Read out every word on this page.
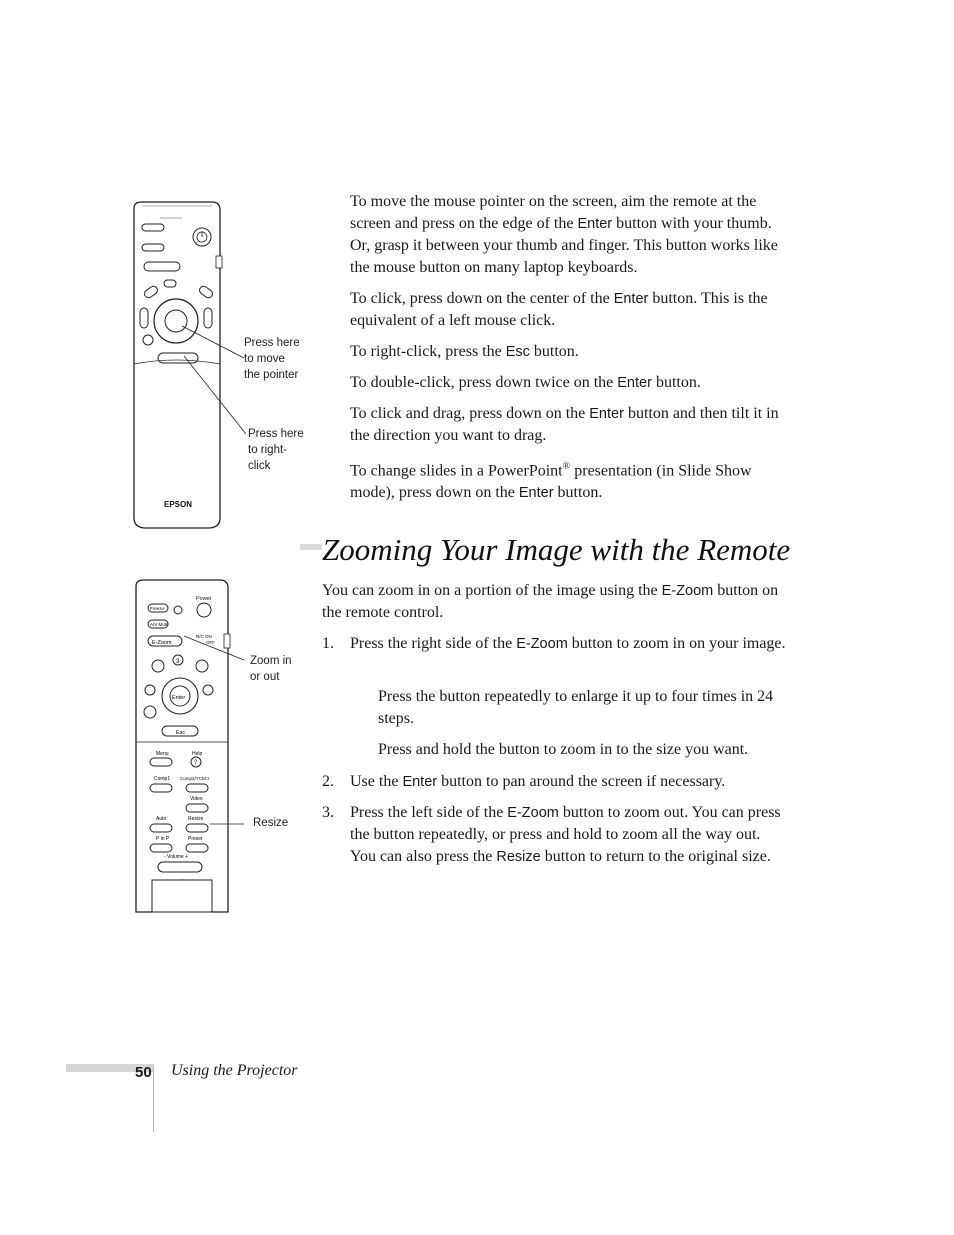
EPSON
Power
Freeze
A/V Mute
E-Zoom
R/C ON
OFF
3
Enter
Esc
Menu	Help
?
Comp1 Comp2/YCbCr
Video
Auto	Resize
P in P	Preset
- Volume +
Press here
to move
the pointer
Press here
to right-
click
Zoom in
or out
Resize

To move the mouse pointer on the screen, aim the remote at the screen and press on the edge of the Enter button with your thumb. Or, grasp it between your thumb and finger. This button works like the mouse button on many laptop keyboards.

To click, press down on the center of the Enter button. This is the equivalent of a left mouse click.

To right-click, press the Esc button.

To double-click, press down twice on the Enter button.

To click and drag, press down on the Enter button and then tilt it in the direction you want to drag.

To change slides in a PowerPoint® presentation (in Slide Show mode), press down on the Enter button.

Zooming Your Image with the Remote

You can zoom in on a portion of the image using the E-Zoom button on the remote control.

1. Press the right side of the E-Zoom button to zoom in on your image.

Press the button repeatedly to enlarge it up to four times in 24 steps.

Press and hold the button to zoom in to the size you want.

2. Use the Enter button to pan around the screen if necessary.

3. Press the left side of the E-Zoom button to zoom out. You can press the button repeatedly, or press and hold to zoom all the way out. You can also press the Resize button to return to the original size.

50 Using the Projector
